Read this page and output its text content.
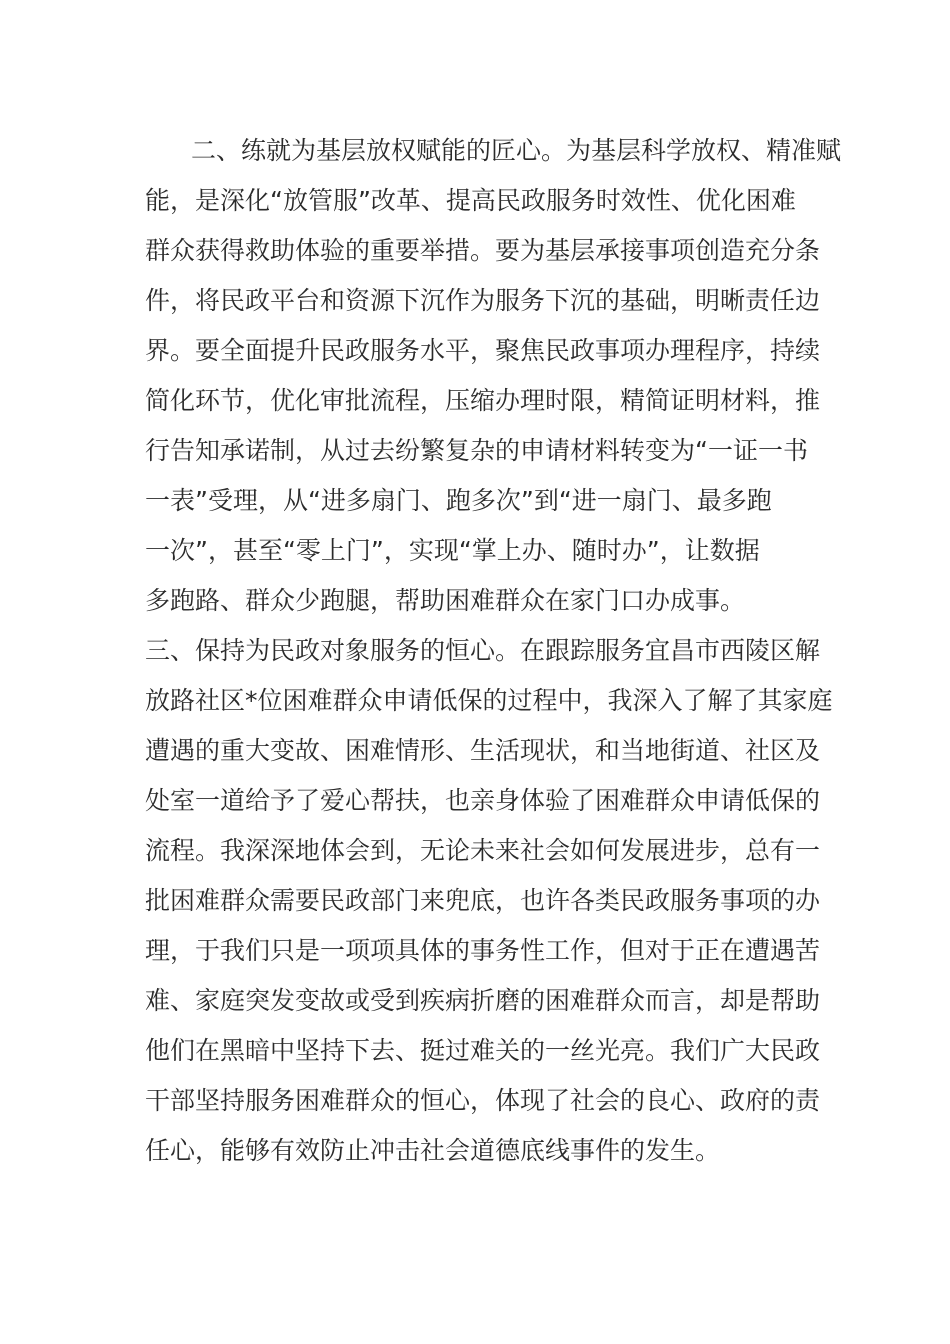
二、练就为基层放权赋能的匠心。为基层科学放权、精准赋
能，是深化“放管服”改革、提高民政服务时效性、优化困难
群众获得救助体验的重要举措。要为基层承接事项创造充分条
件，将民政平台和资源下沉作为服务下沉的基础，明晰责任边
界。要全面提升民政服务水平，聚焦民政事项办理程序，持续
简化环节，优化审批流程，压缩办理时限，精简证明材料，推
行告知承诺制，从过去纷繁复杂的申请材料转变为“一证一书
一表”受理，从“进多扇门、跑多次”到“进一扇门、最多跑
一次”，甚至“零上门”，实现“掌上办、随时办”，让数据
多跑路、群众少跑腿，帮助困难群众在家门口办成事。
三、保持为民政对象服务的恒心。在跟踪服务宜昌市西陵区解
放路社区*位困难群众申请低保的过程中，我深入了解了其家庭
遭遇的重大变故、困难情形、生活现状，和当地街道、社区及
处室一道给予了爱心帮扶，也亲身体验了困难群众申请低保的
流程。我深深地体会到，无论未来社会如何发展进步，总有一
批困难群众需要民政部门来兜底，也许各类民政服务事项的办
理，于我们只是一项项具体的事务性工作，但对于正在遭遇苦
难、家庭突发变故或受到疾病折磨的困难群众而言，却是帮助
他们在黑暗中坚持下去、挺过难关的一丝光亮。我们广大民政
干部坚持服务困难群众的恒心，体现了社会的良心、政府的责
任心，能够有效防止冲击社会道德底线事件的发生。
